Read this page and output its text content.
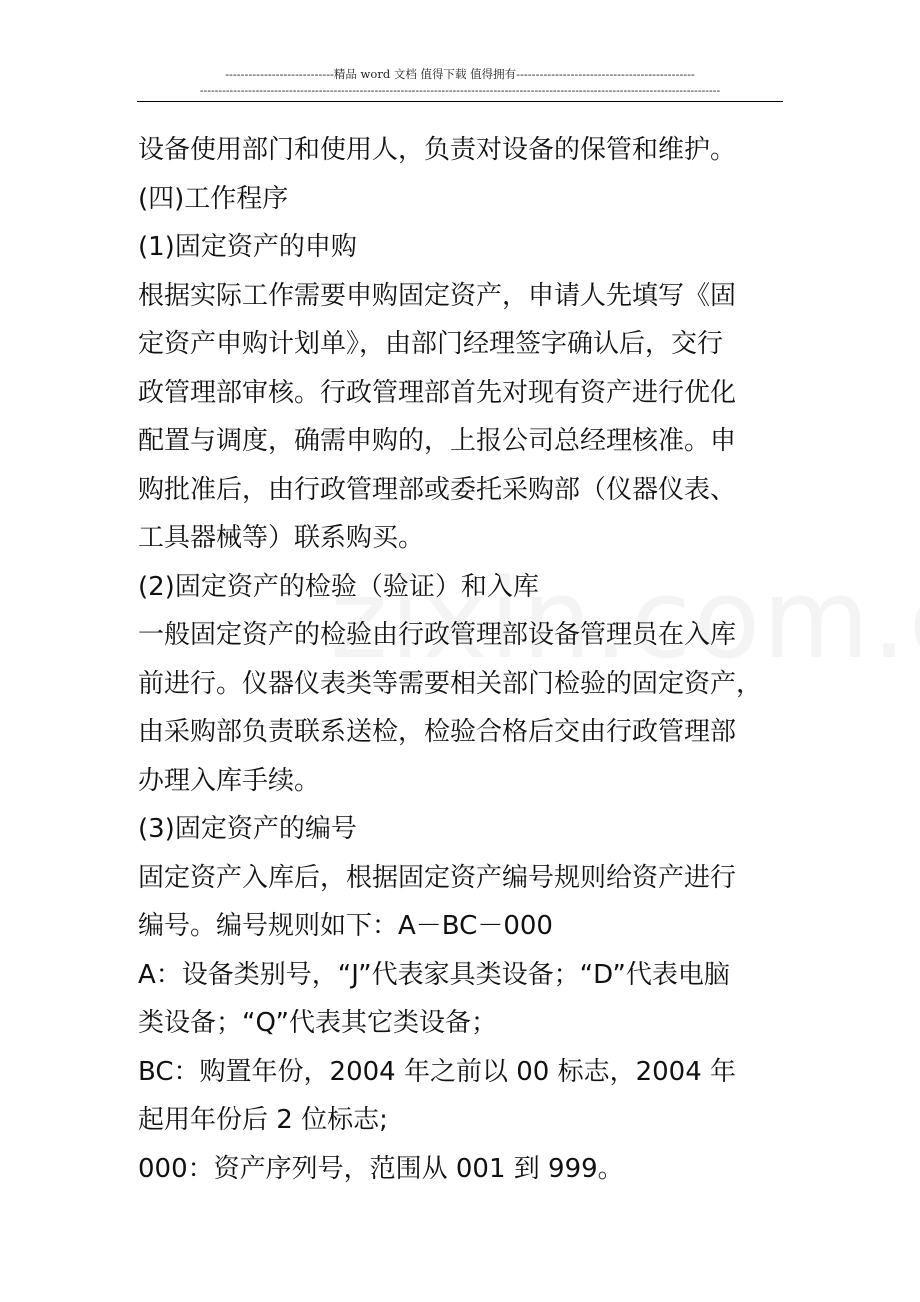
----------------------------精品 word 文档 值得下载 值得拥有----------------------------------------------
--------------------------------------------------------------------------------------------------------------------------------------------
设备使用部门和使用人，负责对设备的保管和维护。
(四)工作程序
(1)固定资产的申购
根据实际工作需要申购固定资产，申请人先填写《固
定资产申购计划单》，由部门经理签字确认后，交行
政管理部审核。行政管理部首先对现有资产进行优化
配置与调度，确需申购的，上报公司总经理核准。申
购批准后，由行政管理部或委托采购部（仪器仪表、
工具器械等）联系购买。
(2)固定资产的检验（验证）和入库
一般固定资产的检验由行政管理部设备管理员在入库
前进行。仪器仪表类等需要相关部门检验的固定资产，
由采购部负责联系送检，检验合格后交由行政管理部
办理入库手续。
(3)固定资产的编号
固定资产入库后，根据固定资产编号规则给资产进行
编号。编号规则如下：A－BC－000
A：设备类别号，“J”代表家具类设备；“D”代表电脑
类设备；“Q”代表其它类设备；
BC：购置年份，2004 年之前以 00 标志，2004 年
起用年份后 2 位标志;
000：资产序列号，范围从 001 到 999。
